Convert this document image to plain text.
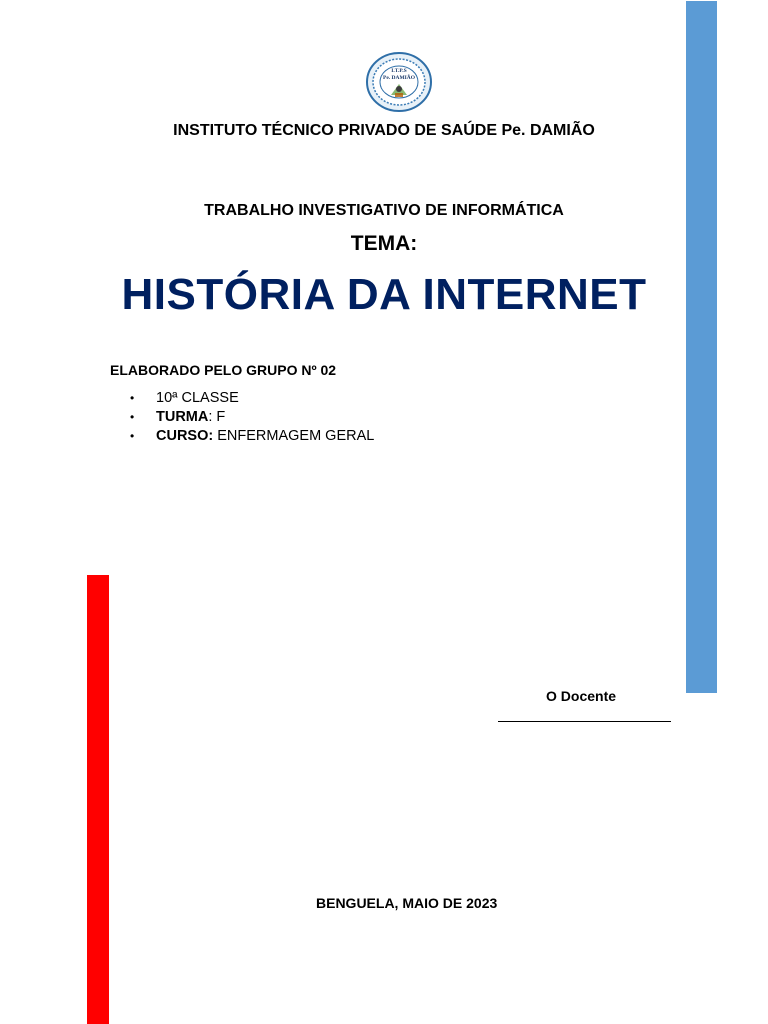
I.T.P.S
Pe. DAMIÃO
INSTITUTO TÉCNICO PRIVADO DE SAÚDE Pe. DAMIÃO
TRABALHO INVESTIGATIVO DE INFORMÁTICA
TEMA:
HISTÓRIA DA INTERNET
ELABORADO PELO GRUPO Nº 02
• 10ª CLASSE
• TURMA: F
• CURSO: ENFERMAGEM GERAL
O Docente
BENGUELA, MAIO DE 2023
